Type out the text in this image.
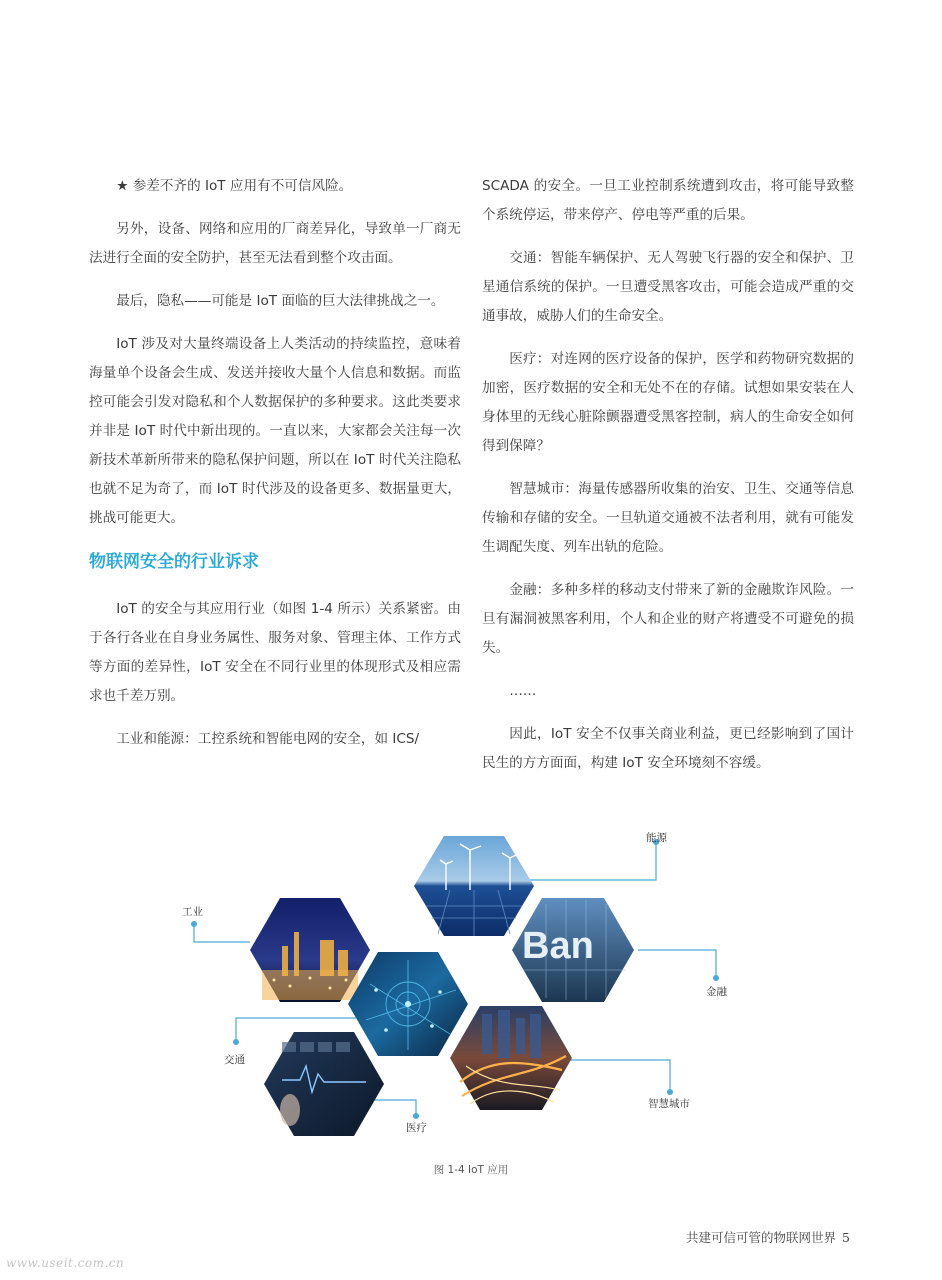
★ 参差不齐的 IoT 应用有不可信风险。

另外，设备、网络和应用的厂商差异化，导致单一厂商无法进行全面的安全防护，甚至无法看到整个攻击面。

最后，隐私——可能是 IoT 面临的巨大法律挑战之一。

IoT 涉及对大量终端设备上人类活动的持续监控，意味着海量单个设备会生成、发送并接收大量个人信息和数据。而监控可能会引发对隐私和个人数据保护的多种要求。这此类要求并非是 IoT 时代中新出现的。一直以来，大家都会关注每一次新技术革新所带来的隐私保护问题，所以在 IoT 时代关注隐私也就不足为奇了，而 IoT 时代涉及的设备更多、数据量更大，挑战可能更大。

物联网安全的行业诉求

IoT 的安全与其应用行业（如图 1-4 所示）关系紧密。由于各行各业在自身业务属性、服务对象、管理主体、工作方式等方面的差异性，IoT 安全在不同行业里的体现形式及相应需求也千差万别。

工业和能源：工控系统和智能电网的安全，如 ICS/

SCADA 的安全。一旦工业控制系统遭到攻击，将可能导致整个系统停运，带来停产、停电等严重的后果。

交通：智能车辆保护、无人驾驶飞行器的安全和保护、卫星通信系统的保护。一旦遭受黑客攻击，可能会造成严重的交通事故，威胁人们的生命安全。

医疗：对连网的医疗设备的保护，医学和药物研究数据的加密，医疗数据的安全和无处不在的存储。试想如果安装在人身体里的无线心脏除颤器遭受黑客控制，病人的生命安全如何得到保障？

智慧城市：海量传感器所收集的治安、卫生、交通等信息传输和存储的安全。一旦轨道交通被不法者利用，就有可能发生调配失度、列车出轨的危险。

金融：多种多样的移动支付带来了新的金融欺诈风险。一旦有漏洞被黑客利用，个人和企业的财产将遭受不可避免的损失。

……

因此，IoT 安全不仅事关商业利益，更已经影响到了国计民生的方方面面，构建 IoT 安全环境刻不容缓。

Ban
能源
工业
金融
交通
智慧城市
医疗
图 1-4 IoT 应用
共建可信可管的物联网世界 5
www.useit.com.cn
